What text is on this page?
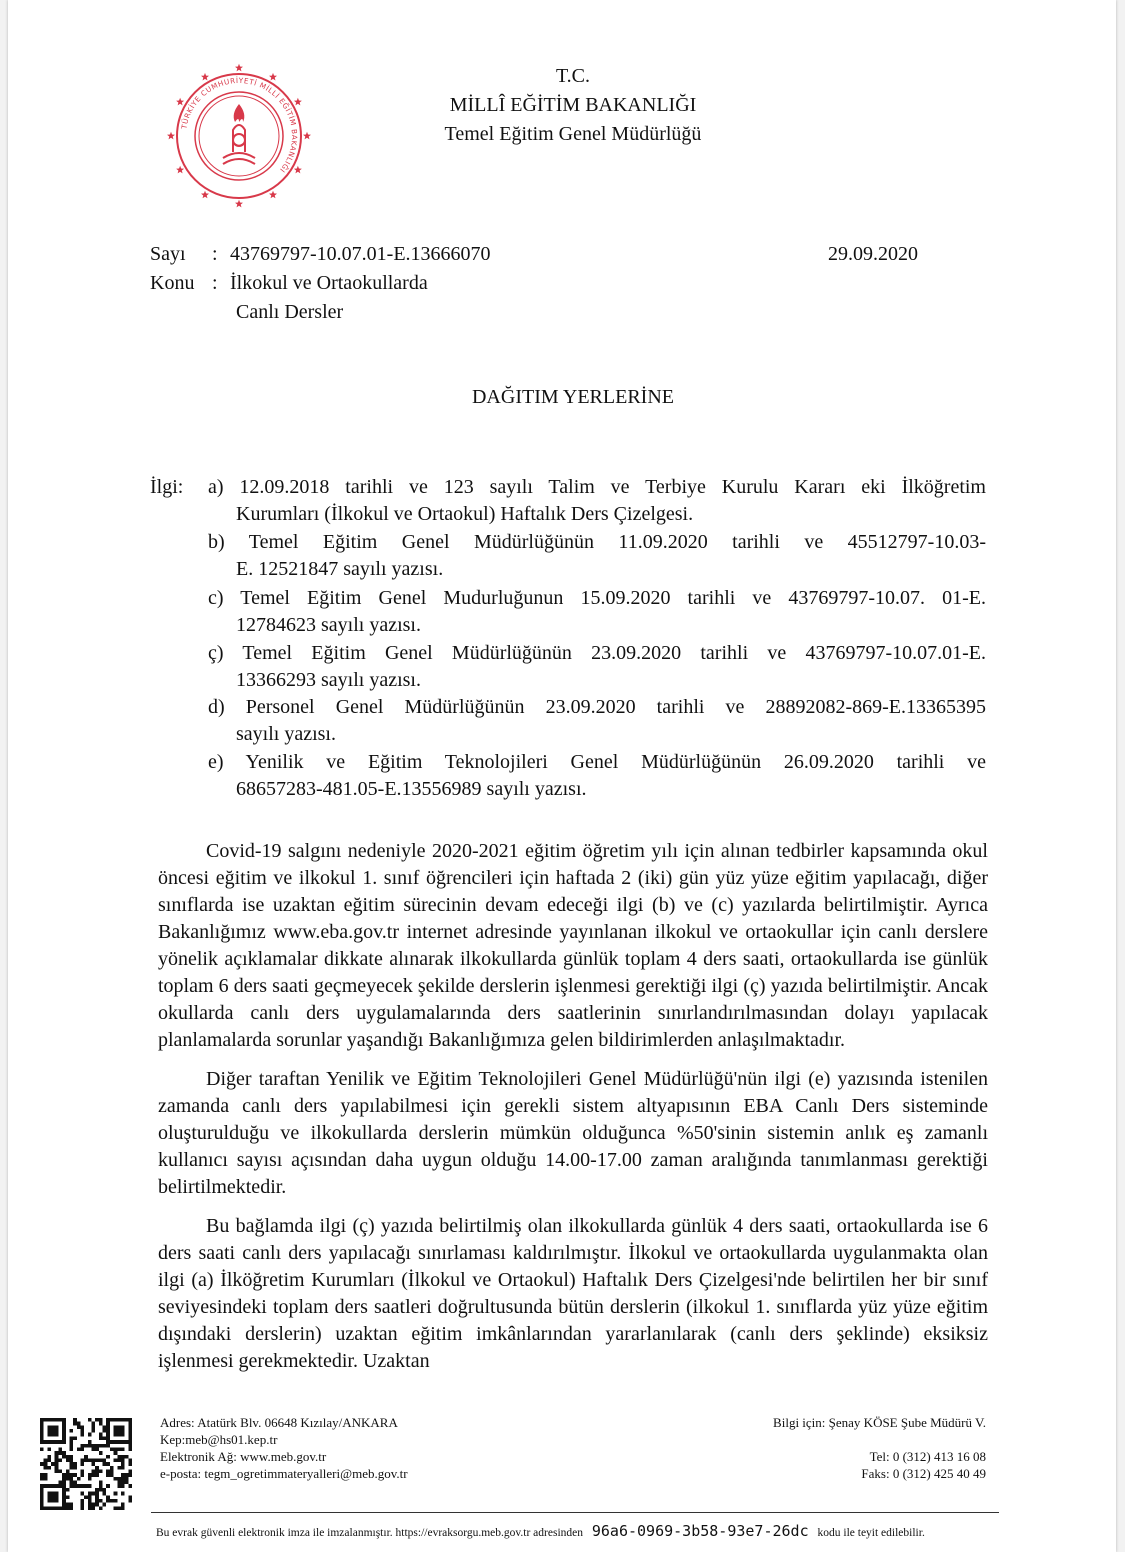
TÜRKİYE CUMHURİYETİ MİLLİ EĞİTİM BAKANLIĞI
T.C.
MİLLÎ EĞİTİM BAKANLIĞI
Temel Eğitim Genel Müdürlüğü
Sayı : 43769797-10.07.01-E.13666070	29.09.2020
Konu : İlkokul ve Ortaokullarda
Canlı Dersler
DAĞITIM YERLERİNE
İlgi: a) 12.09.2018 tarihli ve 123 sayılı Talim ve Terbiye Kurulu Kararı eki İlköğretim
Kurumları (İlkokul ve Ortaokul) Haftalık Ders Çizelgesi.
b) Temel Eğitim Genel Müdürlüğünün 11.09.2020 tarihli ve 45512797-10.03-
E. 12521847 sayılı yazısı.
c) Temel Eğitim Genel Mudurluğunun 15.09.2020 tarihli ve 43769797-10.07. 01-E.
12784623 sayılı yazısı.
ç) Temel Eğitim Genel Müdürlüğünün 23.09.2020 tarihli ve 43769797-10.07.01-E.
13366293 sayılı yazısı.
d) Personel Genel Müdürlüğünün 23.09.2020 tarihli ve 28892082-869-E.13365395
sayılı yazısı.
e) Yenilik ve Eğitim Teknolojileri Genel Müdürlüğünün 26.09.2020 tarihli ve
68657283-481.05-E.13556989 sayılı yazısı.

Covid-19 salgını nedeniyle 2020-2021 eğitim öğretim yılı için alınan tedbirler kapsamında okul öncesi eğitim ve ilkokul 1. sınıf öğrencileri için haftada 2 (iki) gün yüz yüze eğitim yapılacağı, diğer sınıflarda ise uzaktan eğitim sürecinin devam edeceği ilgi (b) ve (c) yazılarda belirtilmiştir. Ayrıca Bakanlığımız www.eba.gov.tr internet adresinde yayınlanan ilkokul ve ortaokullar için canlı derslere yönelik açıklamalar dikkate alınarak ilkokullarda günlük toplam 4 ders saati, ortaokullarda ise günlük toplam 6 ders saati geçmeyecek şekilde derslerin işlenmesi gerektiği ilgi (ç) yazıda belirtilmiştir. Ancak okullarda canlı ders uygulamalarında ders saatlerinin sınırlandırılmasından dolayı yapılacak planlamalarda sorunlar yaşandığı Bakanlığımıza gelen bildirimlerden anlaşılmaktadır.

Diğer taraftan Yenilik ve Eğitim Teknolojileri Genel Müdürlüğü'nün ilgi (e) yazısında istenilen zamanda canlı ders yapılabilmesi için gerekli sistem altyapısının EBA Canlı Ders sisteminde oluşturulduğu ve ilkokullarda derslerin mümkün olduğunca %50'sinin sistemin anlık eş zamanlı kullanıcı sayısı açısından daha uygun olduğu 14.00-17.00 zaman aralığında tanımlanması gerektiği belirtilmektedir.

Bu bağlamda ilgi (ç) yazıda belirtilmiş olan ilkokullarda günlük 4 ders saati, ortaokullarda ise 6 ders saati canlı ders yapılacağı sınırlaması kaldırılmıştır. İlkokul ve ortaokullarda uygulanmakta olan ilgi (a) İlköğretim Kurumları (İlkokul ve Ortaokul) Haftalık Ders Çizelgesi'nde belirtilen her bir sınıf seviyesindeki toplam ders saatleri doğrultusunda bütün derslerin (ilkokul 1. sınıflarda yüz yüze eğitim dışındaki derslerin) uzaktan eğitim imkânlarından yararlanılarak (canlı ders şeklinde) eksiksiz işlenmesi gerekmektedir. Uzaktan

Adres: Atatürk Blv. 06648 Kızılay/ANKARA
Kep:meb@hs01.kep.tr
Elektronik Ağ: www.meb.gov.tr
e-posta: tegm_ogretimmateryalleri@meb.gov.tr
Bilgi için: Şenay KÖSE Şube Müdürü V.
Tel: 0 (312) 413 16 08
Faks: 0 (312) 425 40 49
Bu evrak güvenli elektronik imza ile imzalanmıştır. https://evraksorgu.meb.gov.tr adresinden 96a6-0969-3b58-93e7-26dc kodu ile teyit edilebilir.
